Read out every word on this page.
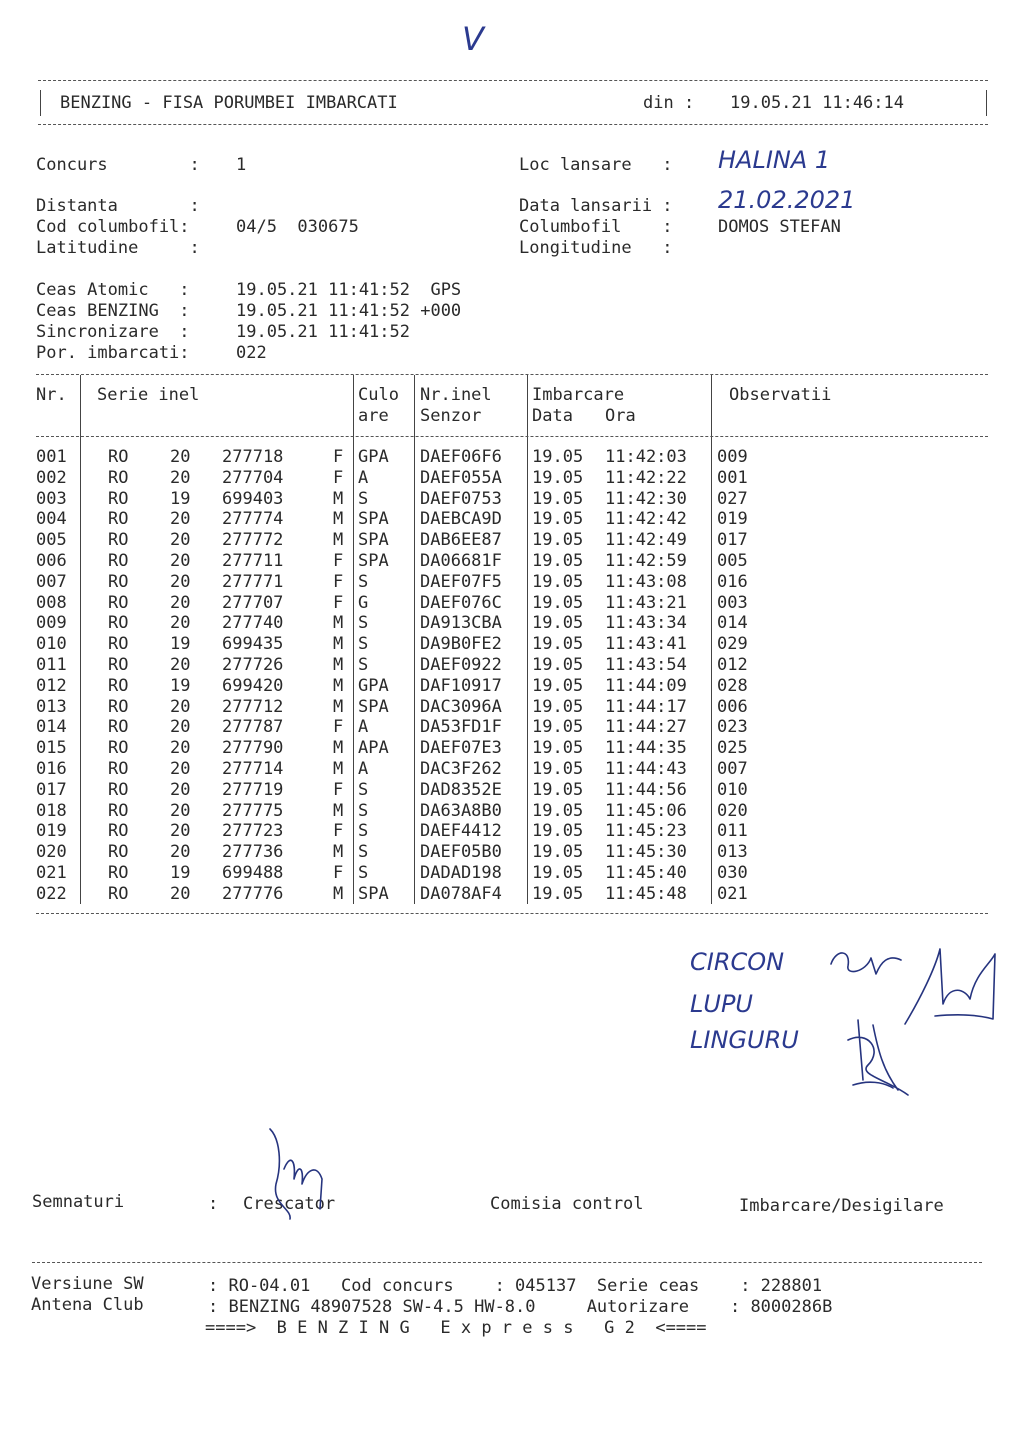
V
BENZING - FISA PORUMBEI IMBARCATI	din : 19.05.21 11:46:14
Concurs        : 1	Loc lansare   : HALINA 1
Distanta       :	Data lansarii : 21.02.2021
Cod columbofil:	04/5  030675	Columbofil    :	DOMOS STEFAN
Latitudine     :	Longitudine   :
Ceas Atomic   :	19.05.21 11:41:52  GPS
Ceas BENZING  :	19.05.21 11:41:52 +000
Sincronizare  :	19.05.21 11:41:52
Por. imbarcati:	022
Nr. Serie inel	Culo
are
Nr.inel
Senzor
Imbarcare
Data Ora
Observatii
001 RO 20 277718	F GPA DAEF06F6 19.05 11:42:03 009
002 RO 20 277704	F A	DAEF055A 19.05 11:42:22 001
003 RO 19 699403	M S	DAEF0753 19.05 11:42:30 027
004 RO 20 277774	M SPA DAEBCA9D 19.05 11:42:42 019
005 RO 20 277772	M SPA DAB6EE87 19.05 11:42:49 017
006 RO 20 277711	F SPA DA06681F 19.05 11:42:59 005
007 RO 20 277771	F S	DAEF07F5 19.05 11:43:08 016
008 RO 20 277707	F G	DAEF076C 19.05 11:43:21 003
009 RO 20 277740	M S	DA913CBA 19.05 11:43:34 014
010 RO 19 699435	M S	DA9B0FE2 19.05 11:43:41 029
011 RO 20 277726	M S	DAEF0922 19.05 11:43:54 012
012 RO 19 699420	M GPA DAF10917 19.05 11:44:09 028
013 RO 20 277712	M SPA DAC3096A 19.05 11:44:17 006
014 RO 20 277787	F A	DA53FD1F 19.05 11:44:27 023
015 RO 20 277790	M APA DAEF07E3 19.05 11:44:35 025
016 RO 20 277714	M A	DAC3F262 19.05 11:44:43 007
017 RO 20 277719	F S	DAD8352E 19.05 11:44:56 010
018 RO 20 277775	M S	DA63A8B0 19.05 11:45:06 020
019 RO 20 277723	F S	DAEF4412 19.05 11:45:23 011
020 RO 20 277736	M S	DAEF05B0 19.05 11:45:30 013
021 RO 19 699488	F S	DADAD198 19.05 11:45:40 030
022 RO 20 277776	M SPA DA078AF4 19.05 11:45:48 021
CIRCON
LUPU
LINGURU
Semnaturi	: Crescator	Comisia control	Imbarcare/Desigilare
Versiune SW	: RO-04.01   Cod concurs    : 045137  Serie ceas    : 228801
Antena Club	: BENZING 48907528 SW-4.5 HW-8.0     Autorizare    : 8000286B
====>  B E N Z I N G   E x p r e s s   G 2  <====
